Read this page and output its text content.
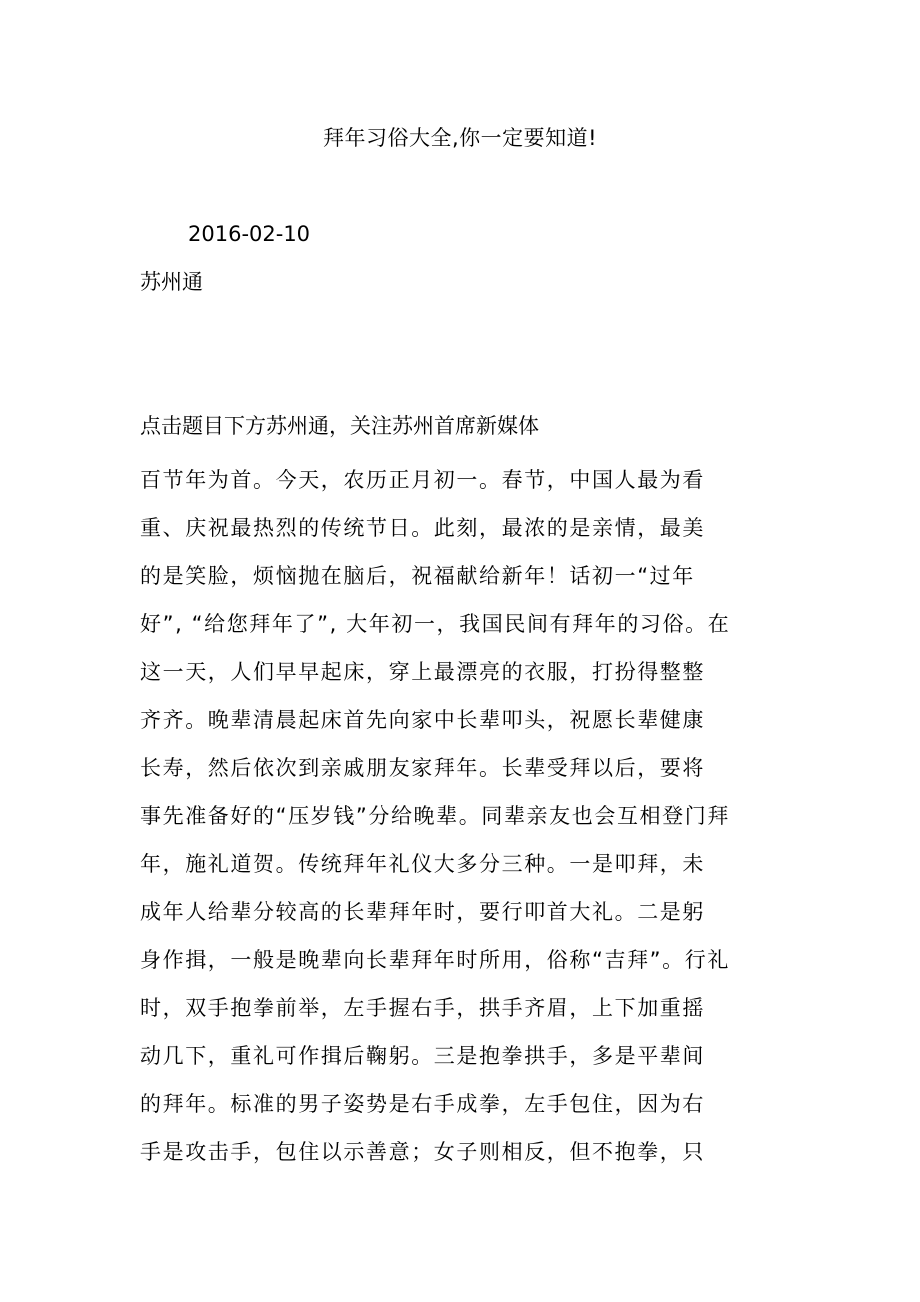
拜年习俗大全,你一定要知道!
2016-02-10
苏州通
点击题目下方苏州通，关注苏州首席新媒体
百节年为首。今天，农历正月初一。春节，中国人最为看
重、庆祝最热烈的传统节日。此刻，最浓的是亲情，最美
的是笑脸，烦恼抛在脑后，祝福献给新年！话初一“过年
好”, “给您拜年了”, 大年初一，我国民间有拜年的习俗。在
这一天，人们早早起床，穿上最漂亮的衣服，打扮得整整
齐齐。晚辈清晨起床首先向家中长辈叩头，祝愿长辈健康
长寿，然后依次到亲戚朋友家拜年。长辈受拜以后，要将
事先准备好的“压岁钱”分给晚辈。同辈亲友也会互相登门拜
年，施礼道贺。传统拜年礼仪大多分三种。一是叩拜，未
成年人给辈分较高的长辈拜年时，要行叩首大礼。二是躬
身作揖，一般是晚辈向长辈拜年时所用，俗称“吉拜”。行礼
时，双手抱拳前举，左手握右手，拱手齐眉，上下加重摇
动几下，重礼可作揖后鞠躬。三是抱拳拱手，多是平辈间
的拜年。标准的男子姿势是右手成拳，左手包住，因为右
手是攻击手，包住以示善意；女子则相反，但不抱拳，只
